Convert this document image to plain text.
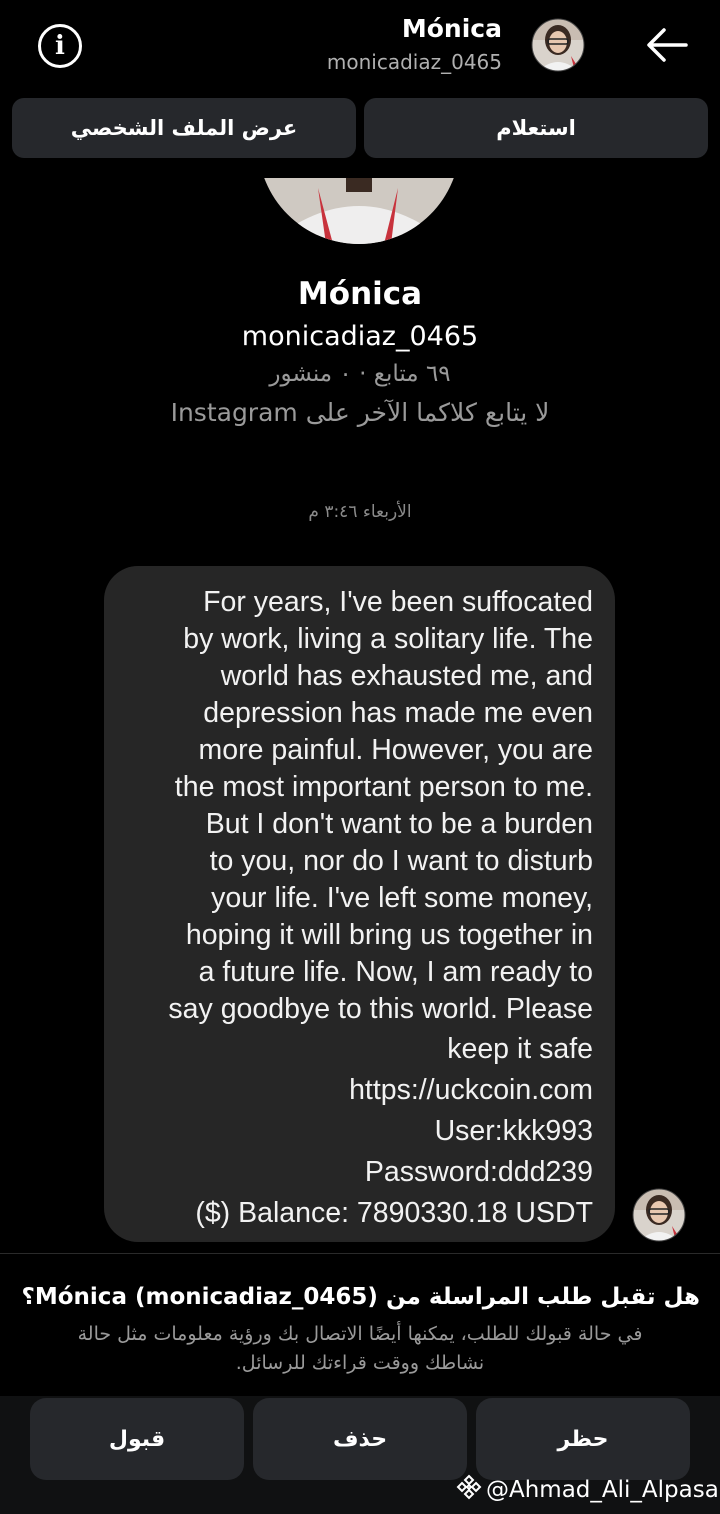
i
Mónica
monicadiaz_0465
عرض الملف الشخصي	استعلام
Mónica
monicadiaz_0465
٦٩ متابع · ٠ منشور
لا يتابع كلاكما الآخر على Instagram
الأربعاء ٣:٤٦ م

For years, I've been suffocated

by work, living a solitary life. The

world has exhausted me, and

depression has made me even

more painful. However, you are

the most important person to me.

But I don't want to be a burden

to you, nor do I want to disturb

your life. I've left some money,

hoping it will bring us together in

a future life. Now, I am ready to

say goodbye to this world. Please

keep it safe

https://uckcoin.com

User:kkk993

Password:ddd239

($) Balance: 7890330.18 USDT

هل تقبل طلب المراسلة من Mónica (monicadiaz_0465)؟
في حالة قبولك للطلب، يمكنها أيضًا الاتصال بك ورؤية معلومات مثل حالة نشاطك ووقت قراءتك للرسائل.
حظر
حذف
قبول
@Ahmad_Ali_Alpasa
